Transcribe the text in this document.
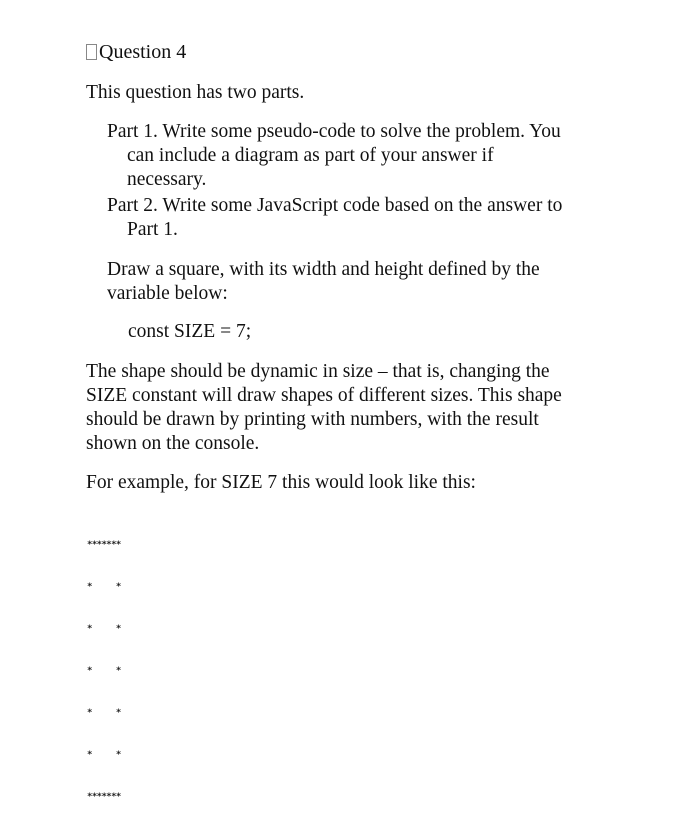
Question 4
This question has two parts.
Part 1. Write some pseudo-code to solve the problem. You
can include a diagram as part of your answer if
necessary.
Part 2. Write some JavaScript code based on the answer to
Part 1.
Draw a square, with its width and height defined by the
variable below:
const SIZE = 7;
The shape should be dynamic in size – that is, changing the
SIZE constant will draw shapes of different sizes. This shape
should be drawn by printing with numbers, with the result
shown on the console.
For example, for SIZE 7 this would look like this:

*******

*     *

*     *

*     *

*     *

*     *

*******
